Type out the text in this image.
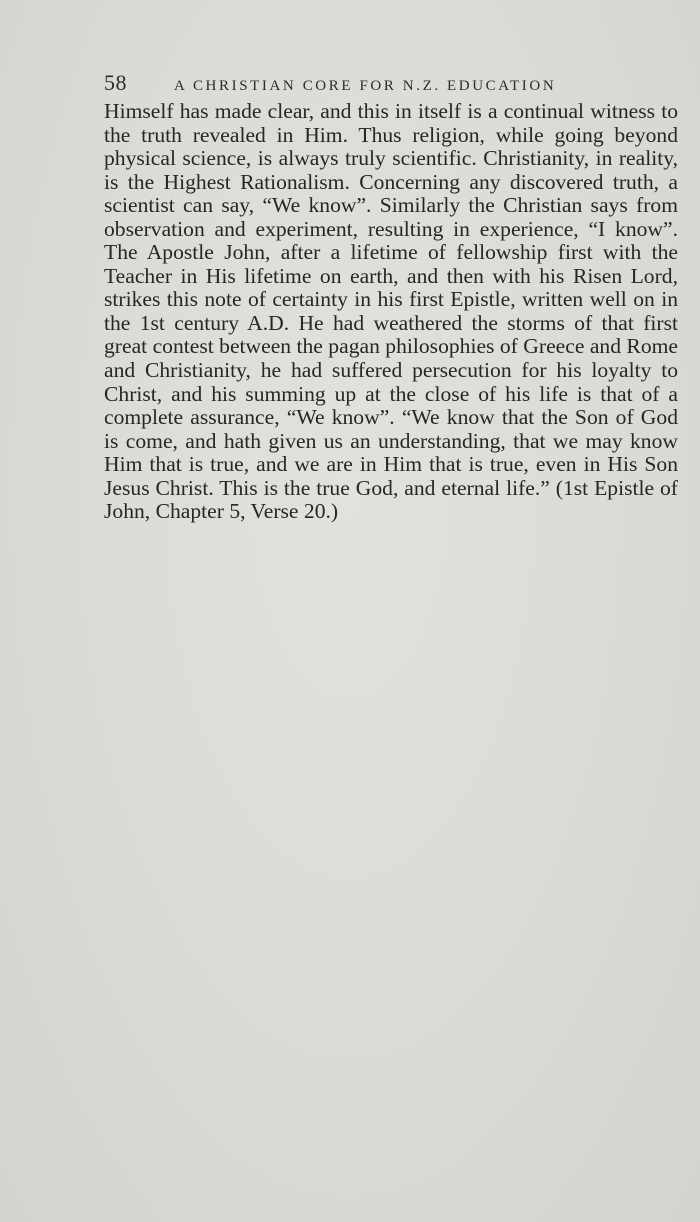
58	A CHRISTIAN CORE FOR N.Z. EDUCATION

Himself has made clear, and this in itself is a continual witness to the truth revealed in Him. Thus religion, while going beyond physical science, is always truly scientific. Christianity, in reality, is the Highest Rationalism. Concerning any discovered truth, a scientist can say, “We know”. Similarly the Christian says from observation and experiment, resulting in experience, “I know”. The Apostle John, after a lifetime of fellowship first with the Teacher in His lifetime on earth, and then with his Risen Lord, strikes this note of certainty in his first Epistle, written well on in the 1st century A.D. He had weathered the storms of that first great contest between the pagan philosophies of Greece and Rome and Christianity, he had suffered persecution for his loyalty to Christ, and his summing up at the close of his life is that of a complete assurance, “We know”. “We know that the Son of God is come, and hath given us an understanding, that we may know Him that is true, and we are in Him that is true, even in His Son Jesus Christ. This is the true God, and eternal life.” (1st Epistle of John, Chapter 5, Verse 20.)
